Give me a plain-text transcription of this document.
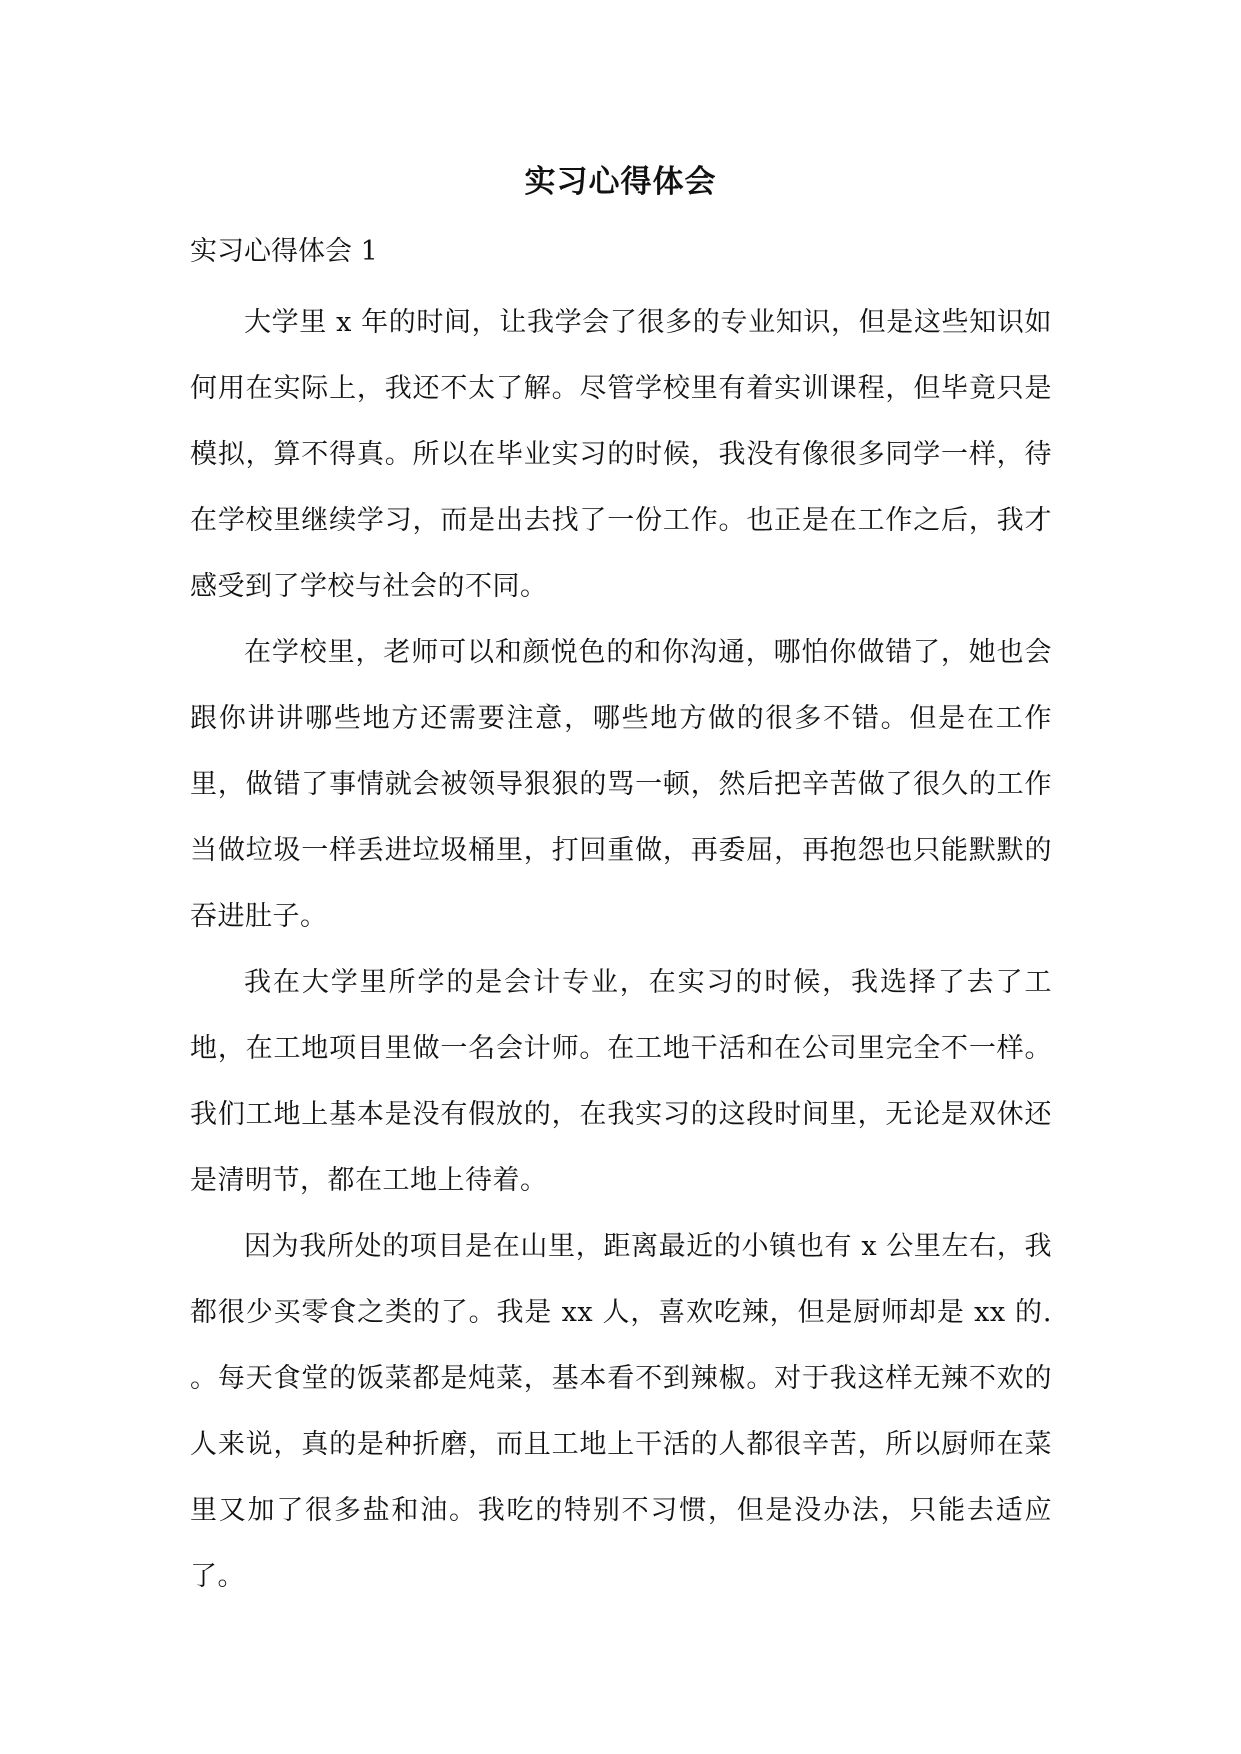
实习心得体会

实习心得体会 1

大学里 x 年的时间，让我学会了很多的专业知识，但是这些知识如何用在实际上，我还不太了解。尽管学校里有着实训课程，但毕竟只是模拟，算不得真。所以在毕业实习的时候，我没有像很多同学一样，待在学校里继续学习，而是出去找了一份工作。也正是在工作之后，我才感受到了学校与社会的不同。

在学校里，老师可以和颜悦色的和你沟通，哪怕你做错了，她也会跟你讲讲哪些地方还需要注意，哪些地方做的很多不错。但是在工作里，做错了事情就会被领导狠狠的骂一顿，然后把辛苦做了很久的工作当做垃圾一样丢进垃圾桶里，打回重做，再委屈，再抱怨也只能默默的吞进肚子。

我在大学里所学的是会计专业，在实习的时候，我选择了去了工地，在工地项目里做一名会计师。在工地干活和在公司里完全不一样。我们工地上基本是没有假放的，在我实习的这段时间里，无论是双休还是清明节，都在工地上待着。

因为我所处的项目是在山里，距离最近的小镇也有 x 公里左右，我都很少买零食之类的了。我是 xx 人，喜欢吃辣，但是厨师却是 xx 的. 。每天食堂的饭菜都是炖菜，基本看不到辣椒。对于我这样无辣不欢的人来说，真的是种折磨，而且工地上干活的人都很辛苦，所以厨师在菜里又加了很多盐和油。我吃的特别不习惯，但是没办法，只能去适应了。
